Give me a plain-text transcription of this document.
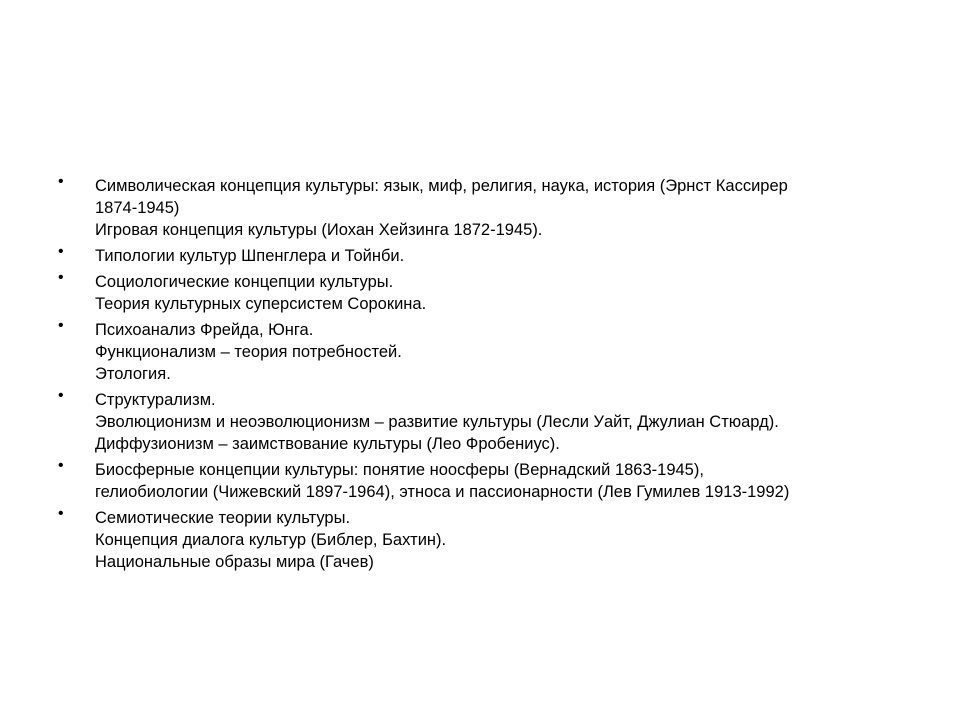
• Символическая концепция культуры: язык, миф, религия, наука, история (Эрнст Кассирер
1874-1945)
Игровая концепция культуры (Иохан Хейзинга 1872-1945).
• Типологии культур Шпенглера и Тойнби.
• Социологические концепции культуры.
Теория культурных суперсистем Сорокина.
• Психоанализ Фрейда, Юнга.
Функционализм – теория потребностей.
Этология.
• Структурализм.
Эволюционизм и неоэволюционизм – развитие культуры (Лесли Уайт, Джулиан Стюард).
Диффузионизм – заимствование культуры (Лео Фробениус).
• Биосферные концепции культуры: понятие ноосферы (Вернадский 1863-1945),
гелиобиологии (Чижевский 1897-1964), этноса и пассионарности (Лев Гумилев 1913-1992)
• Семиотические теории культуры.
Концепция диалога культур (Библер, Бахтин).
Национальные образы мира (Гачев)
